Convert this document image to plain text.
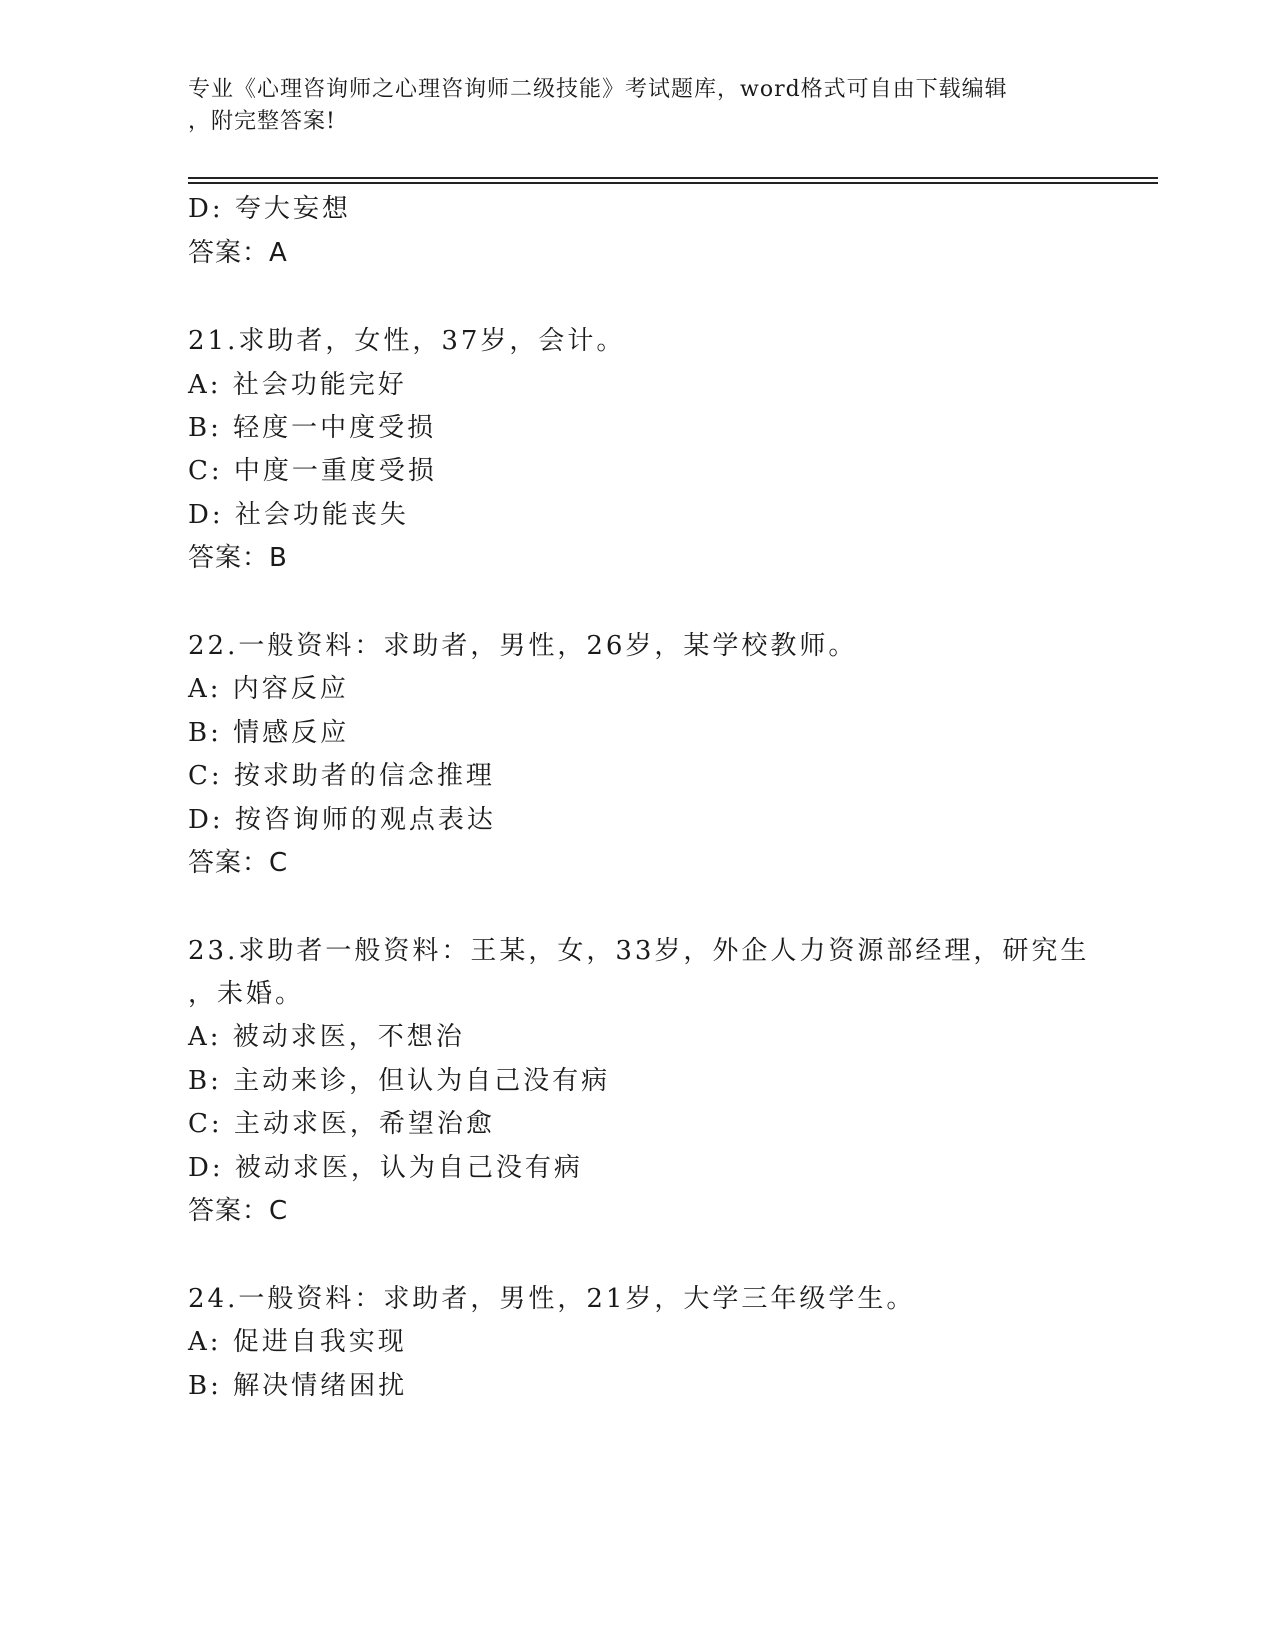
专业《心理咨询师之心理咨询师二级技能》考试题库，word格式可自由下载编辑
，附完整答案!
D: 夸大妄想
答案：A
21.求助者，女性，37岁，会计。
A: 社会功能完好
B: 轻度一中度受损
C: 中度一重度受损
D: 社会功能丧失
答案：B
22.一般资料：求助者，男性，26岁，某学校教师。
A: 内容反应
B: 情感反应
C: 按求助者的信念推理
D: 按咨询师的观点表达
答案：C
23.求助者一般资料：王某，女，33岁，外企人力资源部经理，研究生
，未婚。
A: 被动求医，不想治
B: 主动来诊，但认为自己没有病
C: 主动求医，希望治愈
D: 被动求医，认为自己没有病
答案：C
24.一般资料：求助者，男性，21岁，大学三年级学生。
A: 促进自我实现
B: 解决情绪困扰
